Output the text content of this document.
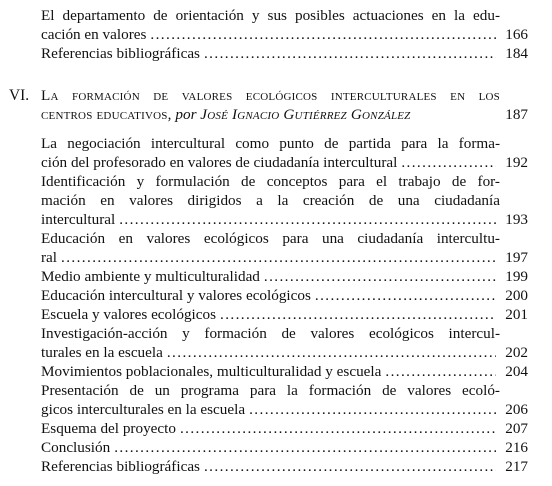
El departamento de orientación y sus posibles actuaciones en la edu-
cación en valores . . .	166
Referencias bibliográficas . . .	184
VI. La formación de valores ecológicos interculturales en los
centros educativos, por José Ignacio Gutiérrez González	187
La negociación intercultural como punto de partida para la forma-
ción del profesorado en valores de ciudadanía intercultural . . .	192
Identificación y formulación de conceptos para el trabajo de for-
mación en valores dirigidos a la creación de una ciudadanía
intercultural . . .	193
Educación en valores ecológicos para una ciudadanía intercultu-
ral . . .	197
Medio ambiente y multiculturalidad . . .	199
Educación intercultural y valores ecológicos . . .	200
Escuela y valores ecológicos . . .	201
Investigación-acción y formación de valores ecológicos intercul-
turales en la escuela . . .	202
Movimientos poblacionales, multiculturalidad y escuela . . .	204
Presentación de un programa para la formación de valores ecoló-
gicos interculturales en la escuela . . .	206
Esquema del proyecto . . .	207
Conclusión . . .	216
Referencias bibliográficas . . .	217
